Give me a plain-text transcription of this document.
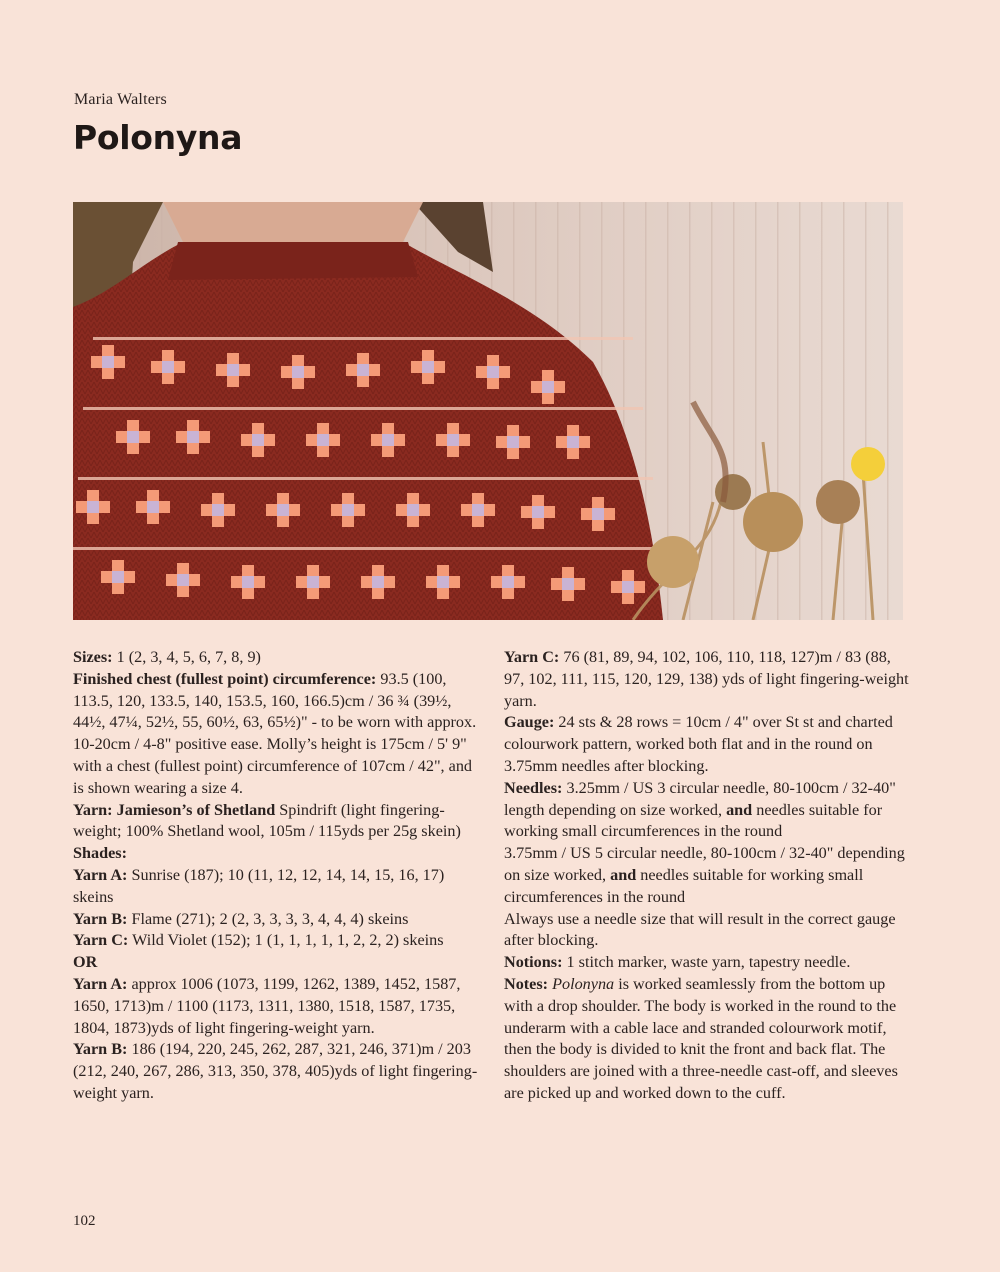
Maria Walters
Polonyna

Sizes: 1 (2, 3, 4, 5, 6, 7, 8, 9)

Finished chest (fullest point) circumference: 93.5 (100, 113.5, 120, 133.5, 140, 153.5, 160, 166.5)cm / 36 ¾ (39½, 44½, 47¼, 52½, 55, 60½, 63, 65½)" - to be worn with approx. 10-20cm / 4-8" positive ease. Molly’s height is 175cm / 5' 9" with a chest (fullest point) circumference of 107cm / 42", and is shown wearing a size 4.

Yarn: Jamieson’s of Shetland Spindrift (light fingering-weight; 100% Shetland wool, 105m / 115yds per 25g skein)

Shades:

Yarn A: Sunrise (187); 10 (11, 12, 12, 14, 14, 15, 16, 17) skeins

Yarn B: Flame (271); 2 (2, 3, 3, 3, 3, 4, 4, 4) skeins

Yarn C: Wild Violet (152); 1 (1, 1, 1, 1, 1, 2, 2, 2) skeins

OR

Yarn A: approx 1006 (1073, 1199, 1262, 1389, 1452, 1587, 1650, 1713)m / 1100 (1173, 1311, 1380, 1518, 1587, 1735, 1804, 1873)yds of light fingering-weight yarn.

Yarn B: 186 (194, 220, 245, 262, 287, 321, 246, 371)m / 203 (212, 240, 267, 286, 313, 350, 378, 405)yds of light fingering-weight yarn.

Yarn C: 76 (81, 89, 94, 102, 106, 110, 118, 127)m / 83 (88, 97, 102, 111, 115, 120, 129, 138) yds of light fingering-weight yarn.

Gauge: 24 sts & 28 rows = 10cm / 4" over St st and charted colourwork pattern, worked both flat and in the round on 3.75mm needles after blocking.

Needles: 3.25mm / US 3 circular needle, 80-100cm / 32-40" length depending on size worked, and needles suitable for working small circumferences in the round

3.75mm / US 5 circular needle, 80-100cm / 32-40" depending on size worked, and needles suitable for working small circumferences in the round

Always use a needle size that will result in the correct gauge after blocking.

Notions: 1 stitch marker, waste yarn, tapestry needle.

Notes: Polonyna is worked seamlessly from the bottom up with a drop shoulder. The body is worked in the round to the underarm with a cable lace and stranded colourwork motif, then the body is divided to knit the front and back flat. The shoulders are joined with a three-needle cast-off, and sleeves are picked up and worked down to the cuff.

102
